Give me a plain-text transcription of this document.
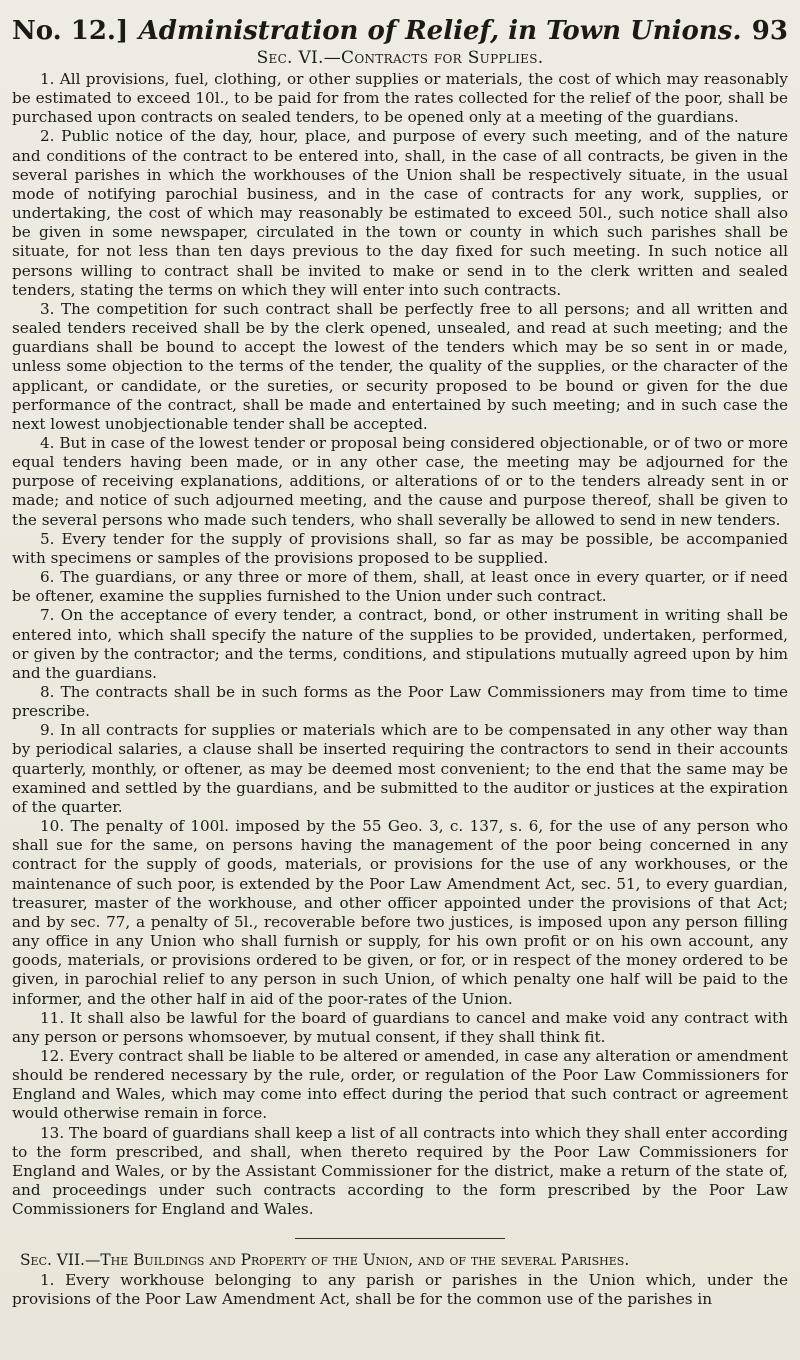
No. 12.] Administration of Relief, in Town Unions. 93
Sec. VI.—Contracts for Supplies.

1. All provisions, fuel, clothing, or other supplies or materials, the cost of which may reasonably be estimated to exceed 10l., to be paid for from the rates collected for the relief of the poor, shall be purchased upon contracts on sealed tenders, to be opened only at a meeting of the guardians.

2. Public notice of the day, hour, place, and purpose of every such meeting, and of the nature and conditions of the contract to be entered into, shall, in the case of all contracts, be given in the several parishes in which the workhouses of the Union shall be respectively situate, in the usual mode of notifying parochial business, and in the case of contracts for any work, supplies, or undertaking, the cost of which may reasonably be estimated to exceed 50l., such notice shall also be given in some newspaper, circulated in the town or county in which such parishes shall be situate, for not less than ten days previous to the day fixed for such meeting. In such notice all persons willing to contract shall be invited to make or send in to the clerk written and sealed tenders, stating the terms on which they will enter into such contracts.

3. The competition for such contract shall be perfectly free to all persons; and all written and sealed tenders received shall be by the clerk opened, unsealed, and read at such meeting; and the guardians shall be bound to accept the lowest of the tenders which may be so sent in or made, unless some objection to the terms of the tender, the quality of the supplies, or the character of the applicant, or candidate, or the sureties, or security proposed to be bound or given for the due performance of the contract, shall be made and entertained by such meeting; and in such case the next lowest unobjectionable tender shall be accepted.

4. But in case of the lowest tender or proposal being considered objectionable, or of two or more equal tenders having been made, or in any other case, the meeting may be adjourned for the purpose of receiving explanations, additions, or alterations of or to the tenders already sent in or made; and notice of such adjourned meeting, and the cause and purpose thereof, shall be given to the several persons who made such tenders, who shall severally be allowed to send in new tenders.

5. Every tender for the supply of provisions shall, so far as may be possible, be accompanied with specimens or samples of the provisions proposed to be supplied.

6. The guardians, or any three or more of them, shall, at least once in every quarter, or if need be oftener, examine the supplies furnished to the Union under such contract.

7. On the acceptance of every tender, a contract, bond, or other instrument in writing shall be entered into, which shall specify the nature of the supplies to be provided, undertaken, performed, or given by the contractor; and the terms, conditions, and stipulations mutually agreed upon by him and the guardians.

8. The contracts shall be in such forms as the Poor Law Commissioners may from time to time prescribe.

9. In all contracts for supplies or materials which are to be compensated in any other way than by periodical salaries, a clause shall be inserted requiring the contractors to send in their accounts quarterly, monthly, or oftener, as may be deemed most convenient; to the end that the same may be examined and settled by the guardians, and be submitted to the auditor or justices at the expiration of the quarter.

10. The penalty of 100l. imposed by the 55 Geo. 3, c. 137, s. 6, for the use of any person who shall sue for the same, on persons having the management of the poor being concerned in any contract for the supply of goods, materials, or provisions for the use of any workhouses, or the maintenance of such poor, is extended by the Poor Law Amendment Act, sec. 51, to every guardian, treasurer, master of the workhouse, and other officer appointed under the provisions of that Act; and by sec. 77, a penalty of 5l., recoverable before two justices, is imposed upon any person filling any office in any Union who shall furnish or supply, for his own profit or on his own account, any goods, materials, or provisions ordered to be given, or for, or in respect of the money ordered to be given, in parochial relief to any person in such Union, of which penalty one half will be paid to the informer, and the other half in aid of the poor-rates of the Union.

11. It shall also be lawful for the board of guardians to cancel and make void any contract with any person or persons whomsoever, by mutual consent, if they shall think fit.

12. Every contract shall be liable to be altered or amended, in case any alteration or amendment should be rendered necessary by the rule, order, or regulation of the Poor Law Commissioners for England and Wales, which may come into effect during the period that such contract or agreement would otherwise remain in force.

13. The board of guardians shall keep a list of all contracts into which they shall enter according to the form prescribed, and shall, when thereto required by the Poor Law Commissioners for England and Wales, or by the Assistant Commissioner for the district, make a return of the state of, and proceedings under such contracts according to the form prescribed by the Poor Law Commissioners for England and Wales.

Sec. VII.—The Buildings and Property of the Union, and of the several Parishes.

1. Every workhouse belonging to any parish or parishes in the Union which, under the provisions of the Poor Law Amendment Act, shall be for the common use of the parishes in
